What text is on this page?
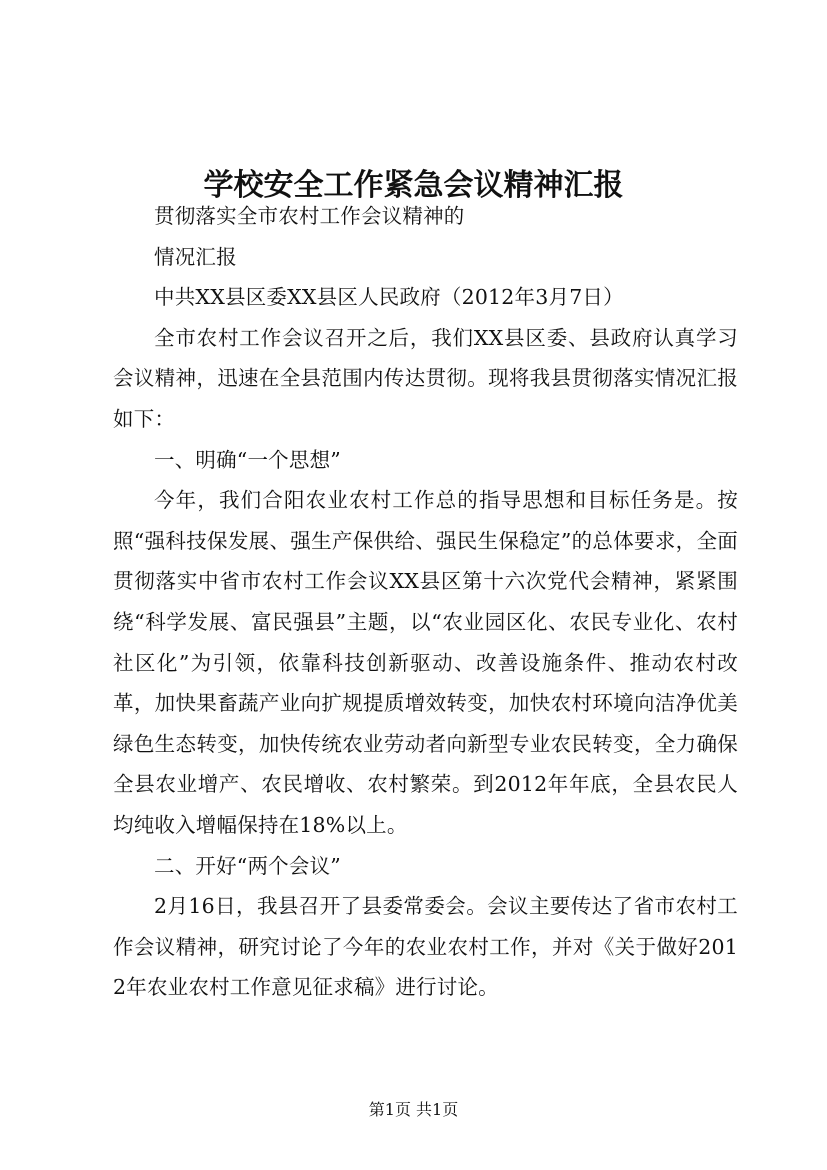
学校安全工作紧急会议精神汇报

贯彻落实全市农村工作会议精神的

情况汇报

中共XX县区委XX县区人民政府（2012年3月7日）

全市农村工作会议召开之后，我们XX县区委、县政府认真学习会议精神，迅速在全县范围内传达贯彻。现将我县贯彻落实情况汇报如下：

一、明确“一个思想”

今年，我们合阳农业农村工作总的指导思想和目标任务是。按照“强科技保发展、强生产保供给、强民生保稳定”的总体要求，全面贯彻落实中省市农村工作会议XX县区第十六次党代会精神，紧紧围绕“科学发展、富民强县”主题，以“农业园区化、农民专业化、农村社区化”为引领，依靠科技创新驱动、改善设施条件、推动农村改革，加快果畜蔬产业向扩规提质增效转变，加快农村环境向洁净优美绿色生态转变，加快传统农业劳动者向新型专业农民转变，全力确保全县农业增产、农民增收、农村繁荣。到2012年年底，全县农民人均纯收入增幅保持在18%以上。

二、开好“两个会议”

2月16日，我县召开了县委常委会。会议主要传达了省市农村工作会议精神，研究讨论了今年的农业农村工作，并对《关于做好2012年农业农村工作意见征求稿》进行讨论。

第1页 共1页
